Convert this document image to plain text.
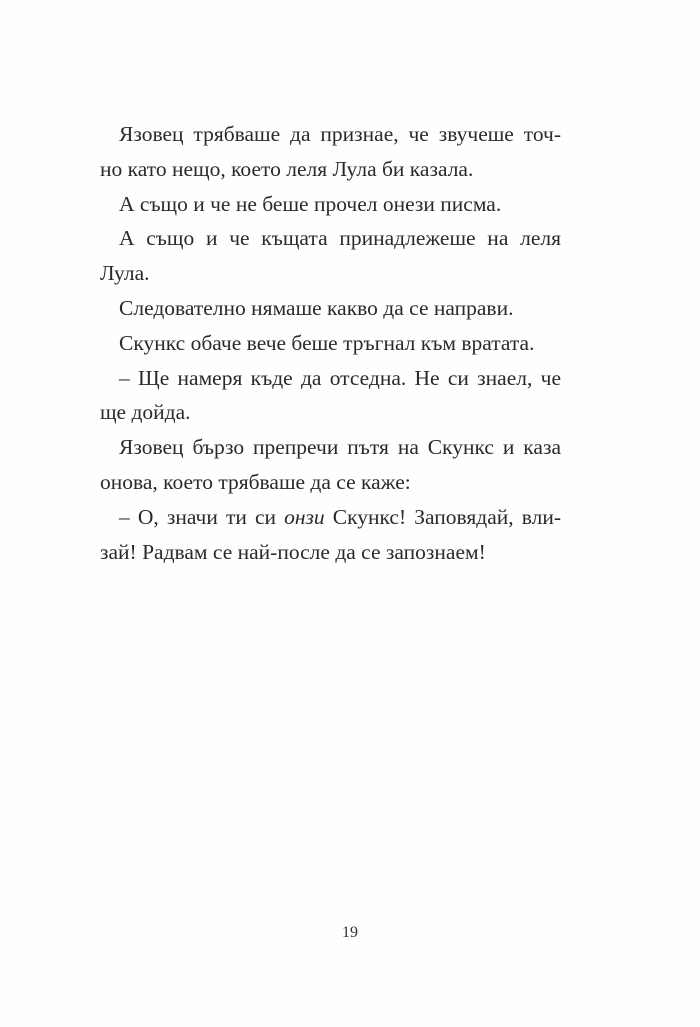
Язовец трябваше да признае, че звучеше точ-
но като нещо, което леля Лула би казала.

А също и че не беше прочел онези писма.

А също и че къщата принадлежеше на леля
Лула.

Следователно нямаше какво да се направи.

Скункс обаче вече беше тръгнал към вратата.

– Ще намеря къде да отседна. Не си знаел, че
ще дойда.

Язовец бързо препречи пътя на Скункс и каза
онова, което трябваше да се каже:

– О, значи ти си онзи Скункс! Заповядай, вли-
зай! Радвам се най-после да се запознаем!

19
